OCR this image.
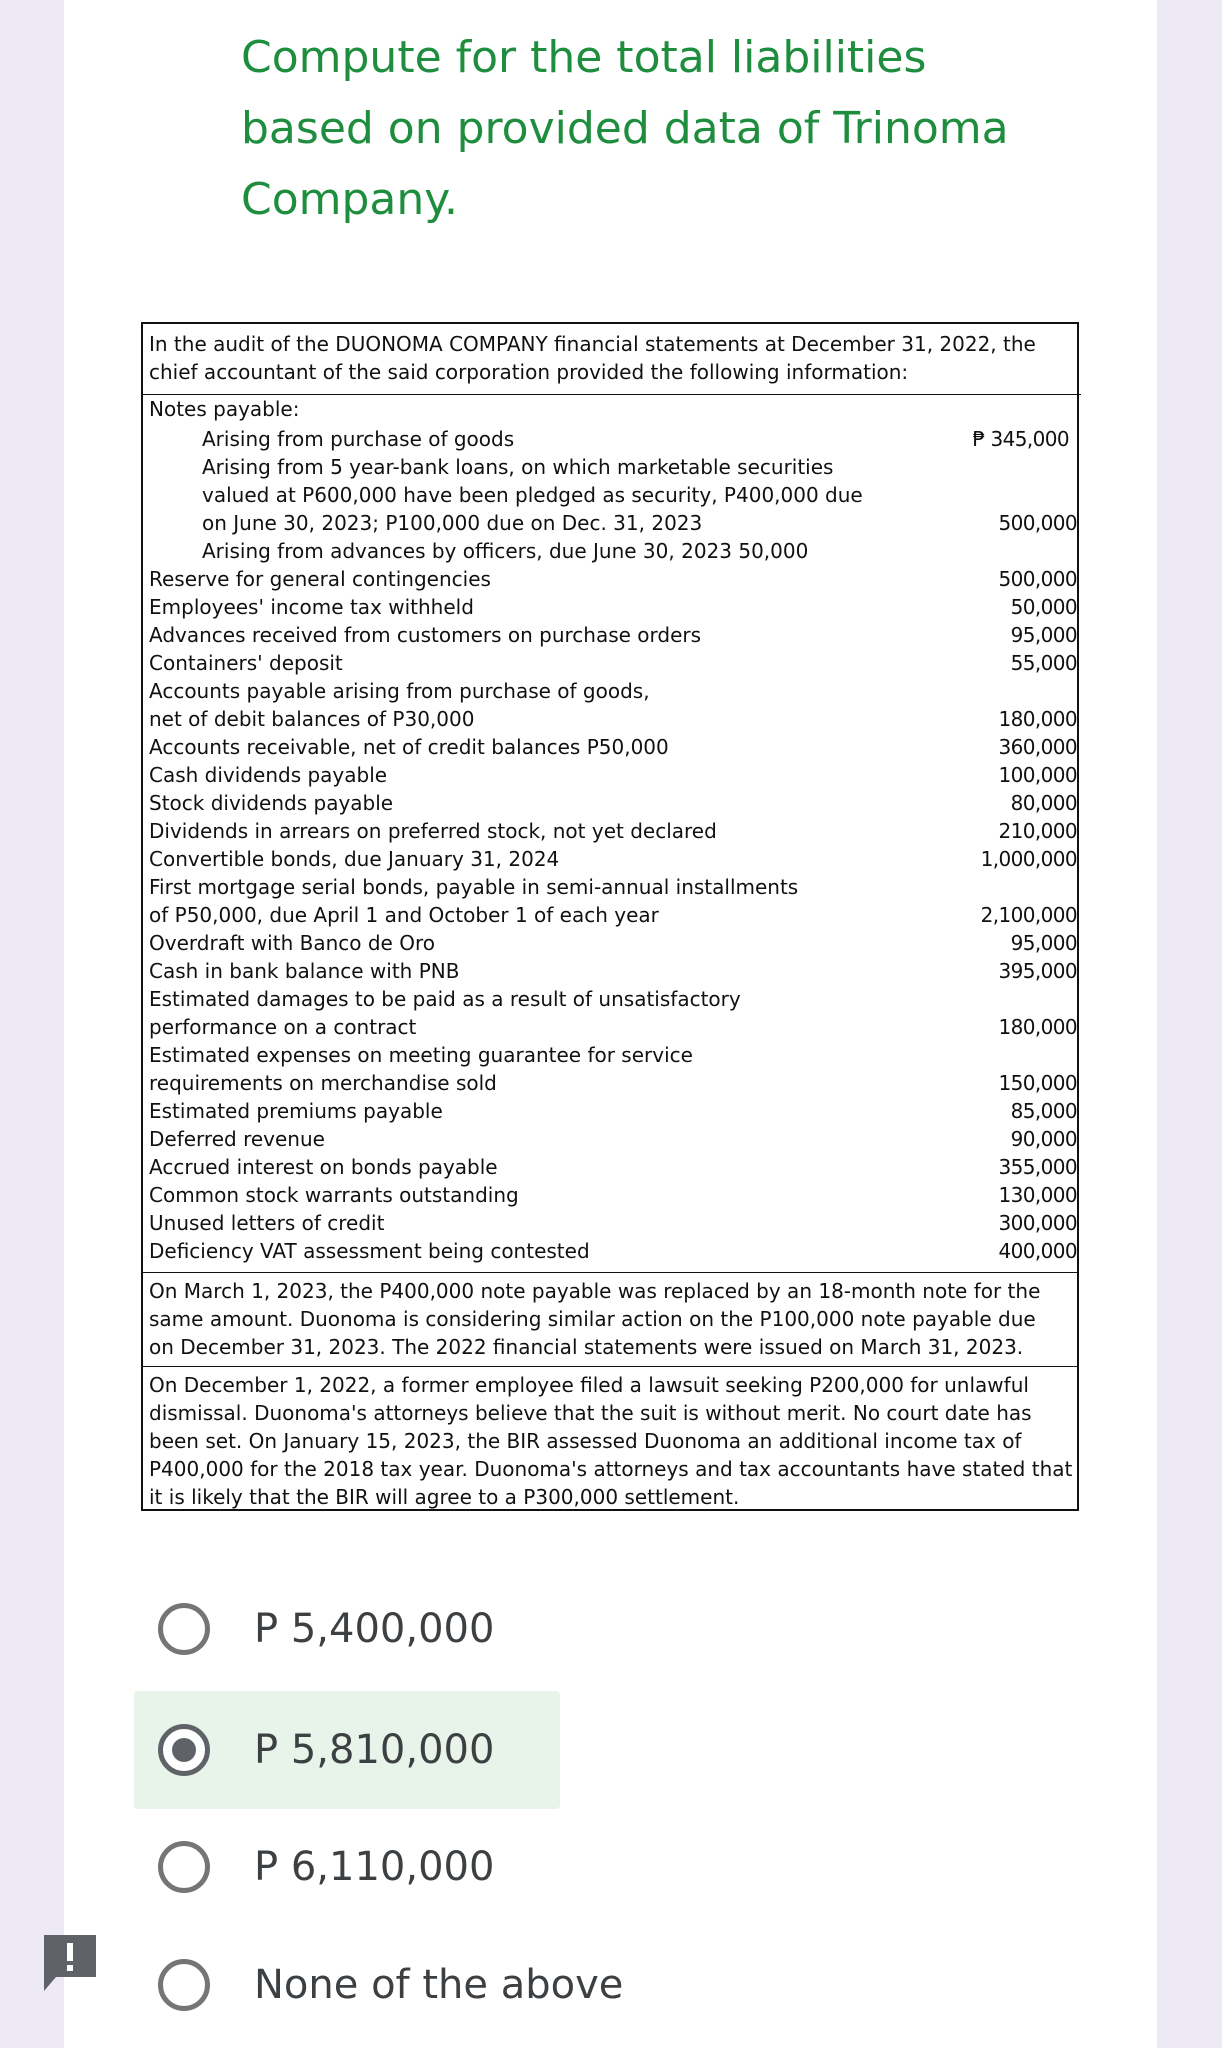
Compute for the total liabilities
based on provided data of Trinoma
Company.
In the audit of the DUONOMA COMPANY financial statements at December 31, 2022, the
chief accountant of the said corporation provided the following information:
Notes payable:
Arising from purchase of goods	₱ 345,000
Arising from 5 year-bank loans, on which marketable securities
valued at P600,000 have been pledged as security, P400,000 due
on June 30, 2023; P100,000 due on Dec. 31, 2023	500,000
Arising from advances by officers, due June 30, 2023 50,000
Reserve for general contingencies	500,000
Employees' income tax withheld	50,000
Advances received from customers on purchase orders	95,000
Containers' deposit	55,000
Accounts payable arising from purchase of goods,
net of debit balances of P30,000	180,000
Accounts receivable, net of credit balances P50,000	360,000
Cash dividends payable	100,000
Stock dividends payable	80,000
Dividends in arrears on preferred stock, not yet declared	210,000
Convertible bonds, due January 31, 2024	1,000,000
First mortgage serial bonds, payable in semi-annual installments
of P50,000, due April 1 and October 1 of each year	2,100,000
Overdraft with Banco de Oro	95,000
Cash in bank balance with PNB	395,000
Estimated damages to be paid as a result of unsatisfactory
performance on a contract	180,000
Estimated expenses on meeting guarantee for service
requirements on merchandise sold	150,000
Estimated premiums payable	85,000
Deferred revenue	90,000
Accrued interest on bonds payable	355,000
Common stock warrants outstanding	130,000
Unused letters of credit	300,000
Deficiency VAT assessment being contested	400,000
On March 1, 2023, the P400,000 note payable was replaced by an 18-month note for the
same amount. Duonoma is considering similar action on the P100,000 note payable due
on December 31, 2023. The 2022 financial statements were issued on March 31, 2023.
On December 1, 2022, a former employee filed a lawsuit seeking P200,000 for unlawful
dismissal. Duonoma's attorneys believe that the suit is without merit. No court date has
been set. On January 15, 2023, the BIR assessed Duonoma an additional income tax of
P400,000 for the 2018 tax year. Duonoma's attorneys and tax accountants have stated that
it is likely that the BIR will agree to a P300,000 settlement.
P 5,400,000
P 5,810,000
P 6,110,000
None of the above
